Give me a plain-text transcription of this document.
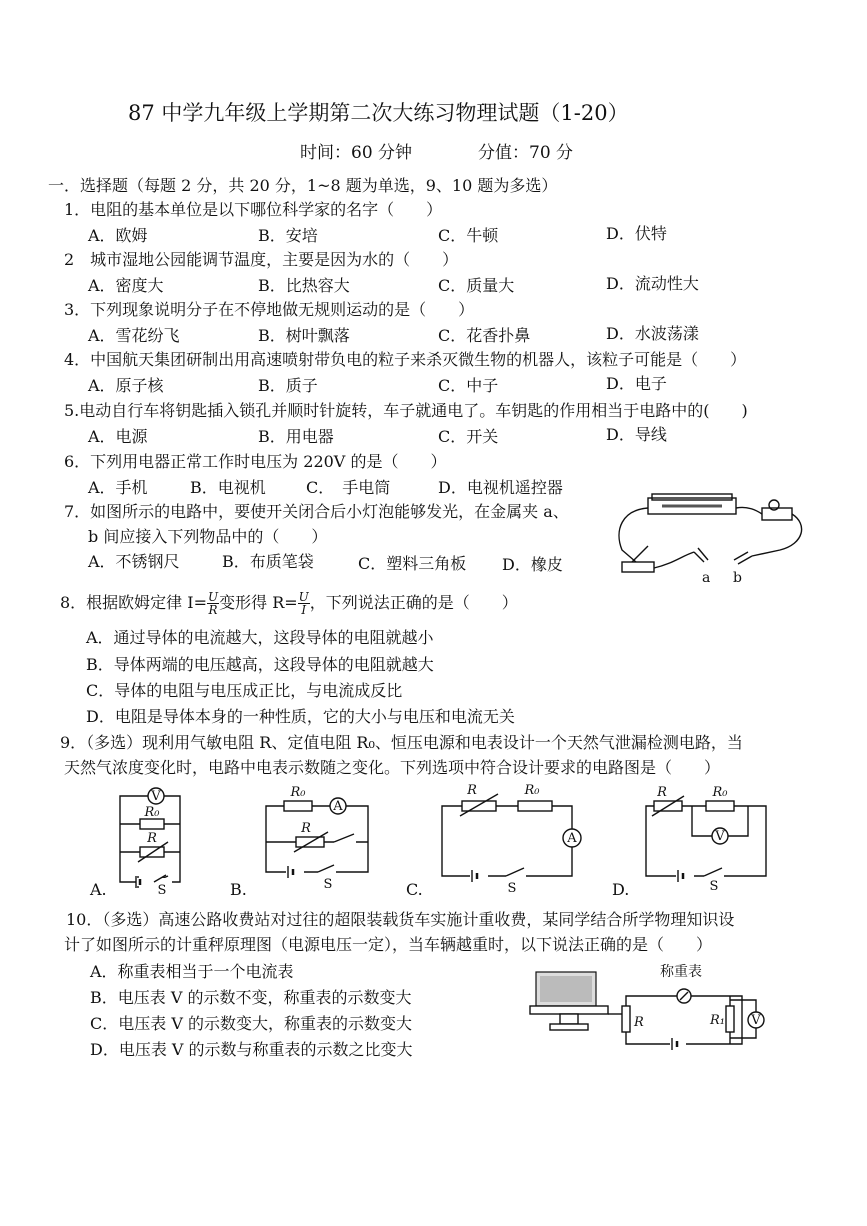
87 中学九年级上学期第二次大练习物理试题（1-20）
时间：60 分钟	分值：70 分
一．选择题（每题 2 分，共 20 分，1~8 题为单选，9、10 题为多选）
1．电阻的基本单位是以下哪位科学家的名字（　　）
A．欧姆	B．安培	C．牛顿	D．伏特
2　城市湿地公园能调节温度，主要是因为水的（　　）
A．密度大	B．比热容大	C．质量大	D．流动性大
3．下列现象说明分子在不停地做无规则运动的是（　　）
A．雪花纷飞	B．树叶飘落	C．花香扑鼻	D．水波荡漾
4．中国航天集团研制出用高速喷射带负电的粒子来杀灭微生物的机器人，该粒子可能是（　　）
A．原子核	B．质子	C．中子	D．电子
5.电动自行车将钥匙插入锁孔并顺时针旋转，车子就通电了。车钥匙的作用相当于电路中的(　　)
A．电源	B．用电器	C．开关	D．导线
6．下列用电器正常工作时电压为 220V 的是（　　）
A．手机	B．电视机	C．　手电筒	D．电视机遥控器
7．如图所示的电路中，要使开关闭合后小灯泡能够发光，在金属夹 a、
b 间应接入下列物品中的（　　）
A．不锈钢尺	B．布质笔袋	C．塑料三角板 D．橡皮
a b
8．根据欧姆定律 $I= \frac{U}{R}$ 变形得 $R= \frac{U}{I}$ ，下列说法正确的是（　　）
A．通过导体的电流越大，这段导体的电阻就越小
B．导体两端的电压越高，这段导体的电阻就越大
C．导体的电阻与电压成正比，与电流成反比
D．电阻是导体本身的一种性质，它的大小与电压和电流无关
9．（多选）现利用气敏电阻 R、定值电阻 R₀、恒压电源和电表设计一个天然气泄漏检测电路，当
天然气浓度变化时，电路中电表示数随之变化。下列选项中符合设计要求的电路图是（　　）
V
R₀
R
S
A.
R₀
A
R
S
B.
R	R₀
A
S
C.
R	R₀
V
S
D.
10．（多选）高速公路收费站对过往的超限装载货车实施计重收费，某同学结合所学物理知识设
计了如图所示的计重秤原理图（电源电压一定），当车辆越重时，以下说法正确的是（　　）
A．称重表相当于一个电流表
B．电压表 V 的示数不变，称重表的示数变大
C．电压表 V 的示数变大，称重表的示数变大
D．电压表 V 的示数与称重表的示数之比变大
称重表
R	R₁ V
